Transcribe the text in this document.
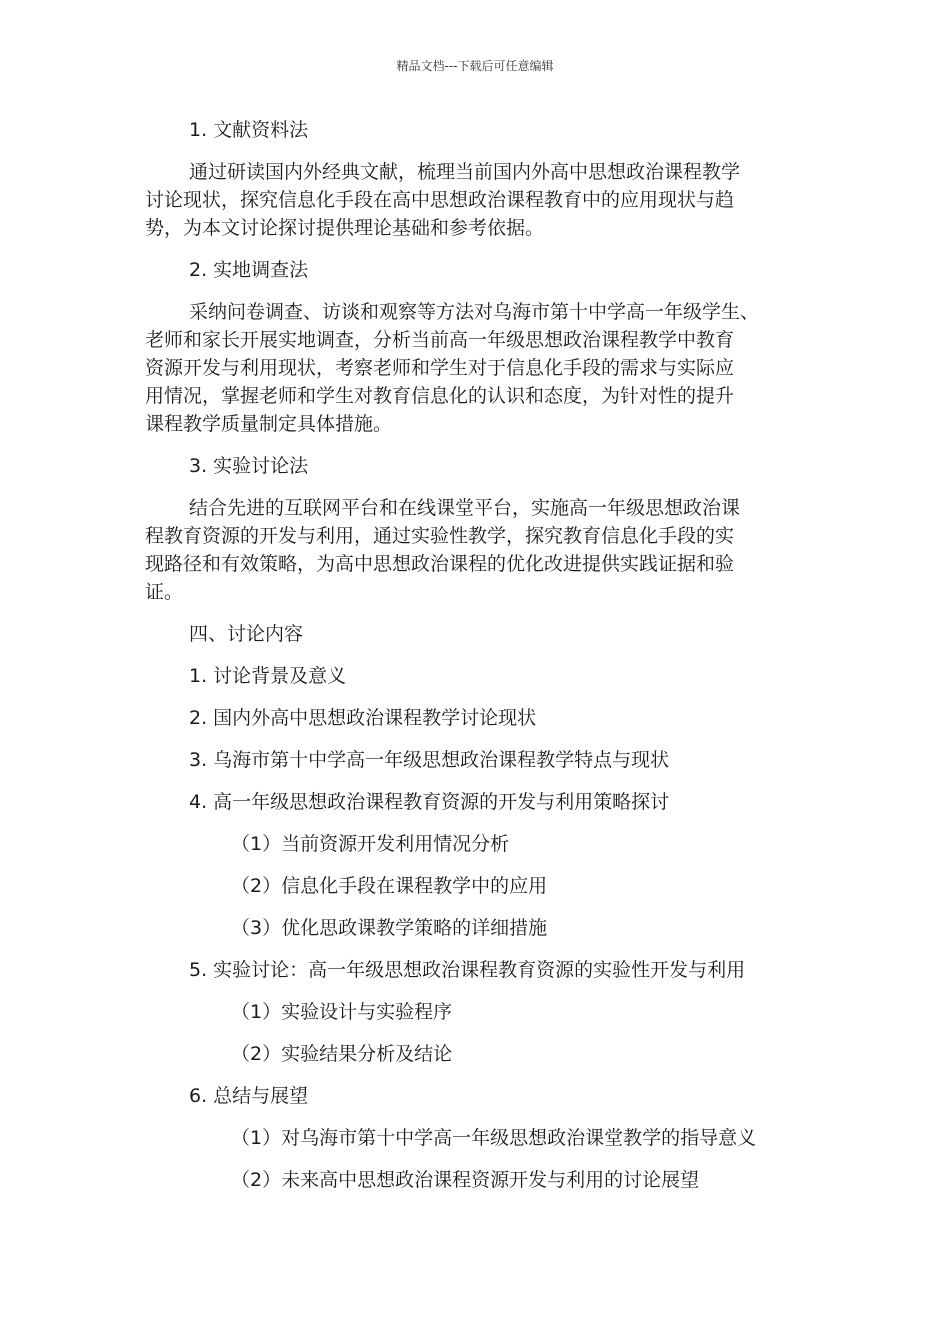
精品文档---下载后可任意编辑
1. 文献资料法
通过研读国内外经典文献，梳理当前国内外高中思想政治课程教学
讨论现状，探究信息化手段在高中思想政治课程教育中的应用现状与趋
势，为本文讨论探讨提供理论基础和参考依据。
2. 实地调查法
采纳问卷调查、访谈和观察等方法对乌海市第十中学高一年级学生、
老师和家长开展实地调查，分析当前高一年级思想政治课程教学中教育
资源开发与利用现状，考察老师和学生对于信息化手段的需求与实际应
用情况，掌握老师和学生对教育信息化的认识和态度，为针对性的提升
课程教学质量制定具体措施。
3. 实验讨论法
结合先进的互联网平台和在线课堂平台，实施高一年级思想政治课
程教育资源的开发与利用，通过实验性教学，探究教育信息化手段的实
现路径和有效策略，为高中思想政治课程的优化改进提供实践证据和验
证。
四、讨论内容
1. 讨论背景及意义
2. 国内外高中思想政治课程教学讨论现状
3. 乌海市第十中学高一年级思想政治课程教学特点与现状
4. 高一年级思想政治课程教育资源的开发与利用策略探讨
（1）当前资源开发利用情况分析
（2）信息化手段在课程教学中的应用
（3）优化思政课教学策略的详细措施
5. 实验讨论：高一年级思想政治课程教育资源的实验性开发与利用
（1）实验设计与实验程序
（2）实验结果分析及结论
6. 总结与展望
（1）对乌海市第十中学高一年级思想政治课堂教学的指导意义
（2）未来高中思想政治课程资源开发与利用的讨论展望
